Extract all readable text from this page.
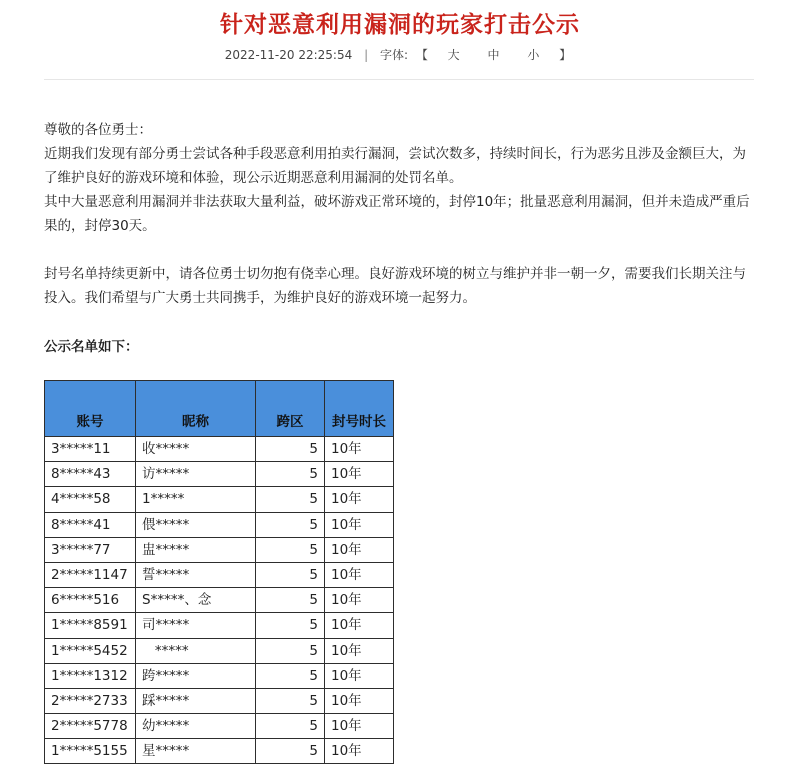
针对恶意利用漏洞的玩家打击公示
2022-11-20 22:25:54 | 字体: 【 大 中 小 】

尊敬的各位勇士：

近期我们发现有部分勇士尝试各种手段恶意利用拍卖行漏洞，尝试次数多，持续时间长，行为恶劣且涉及金额巨大，为了维护良好的游戏环境和体验，现公示近期恶意利用漏洞的处罚名单。

其中大量恶意利用漏洞并非法获取大量利益，破坏游戏正常环境的，封停10年；批量恶意利用漏洞，但并未造成严重后果的，封停30天。

封号名单持续更新中，请各位勇士切勿抱有侥幸心理。良好游戏环境的树立与维护并非一朝一夕，需要我们长期关注与投入。我们希望与广大勇士共同携手，为维护良好的游戏环境一起努力。

公示名单如下：
账号	昵称	跨区	封号时长
3*****11	收*****	5	10年
8*****43	访*****	5	10年
4*****58	1*****	5	10年
8*****41	偎*****	5	10年
3*****77	盅*****	5	10年
2*****1147	誓*****	5	10年
6*****516	S*****、念	5	10年
1*****8591	司*****	5	10年
1*****5452	*****	5	10年
1*****1312	跨*****	5	10年
2*****2733	踩*****	5	10年
2*****5778	幼*****	5	10年
1*****5155	星*****	5	10年
